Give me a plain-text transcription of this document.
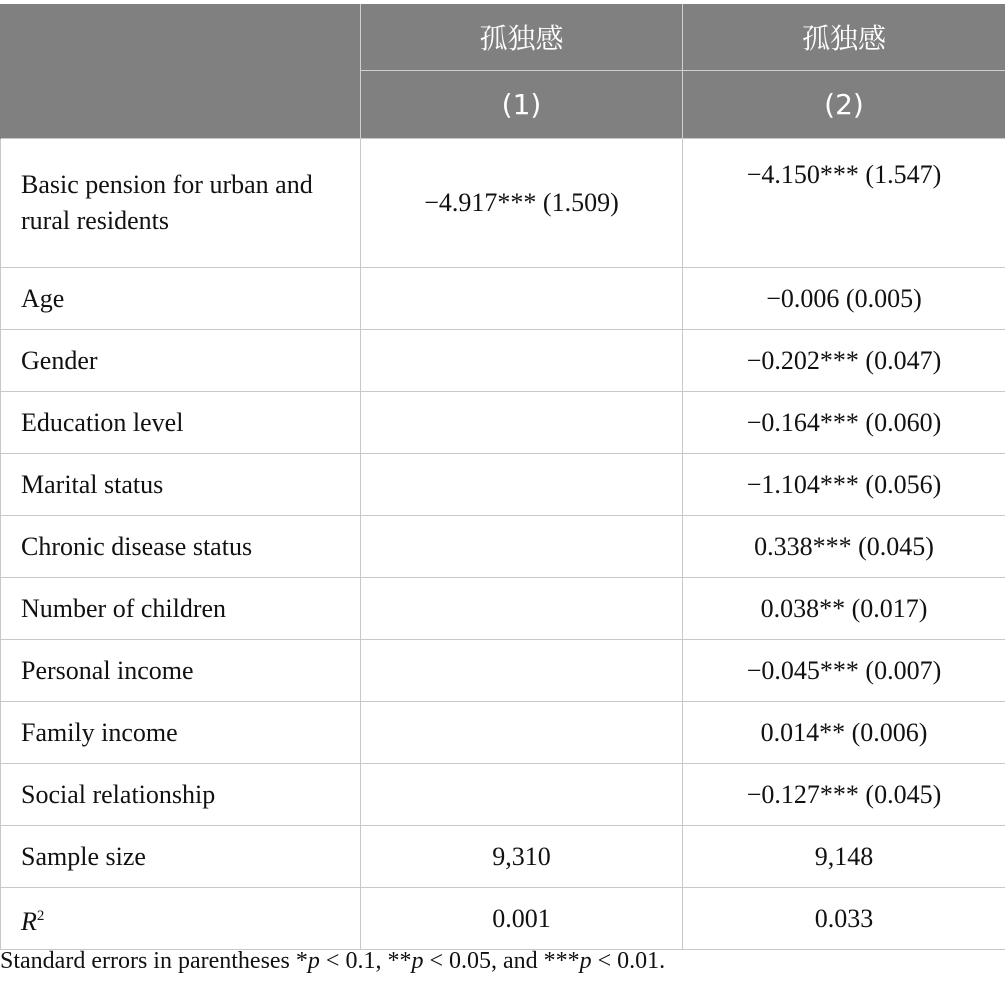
	孤独感	孤独感
	(1)	(2)
Basic pension for urban and rural residents	−4.917*** (1.509)	−4.150*** (1.547)
Age		−0.006 (0.005)
Gender		−0.202*** (0.047)
Education level		−0.164*** (0.060)
Marital status		−1.104*** (0.056)
Chronic disease status		0.338*** (0.045)
Number of children		0.038** (0.017)
Personal income		−0.045*** (0.007)
Family income		0.014** (0.006)
Social relationship		−0.127*** (0.045)
Sample size	9,310	9,148
$R^2$	0.001	0.033
Standard errors in parentheses *p < 0.1, **p < 0.05, and ***p < 0.01.
